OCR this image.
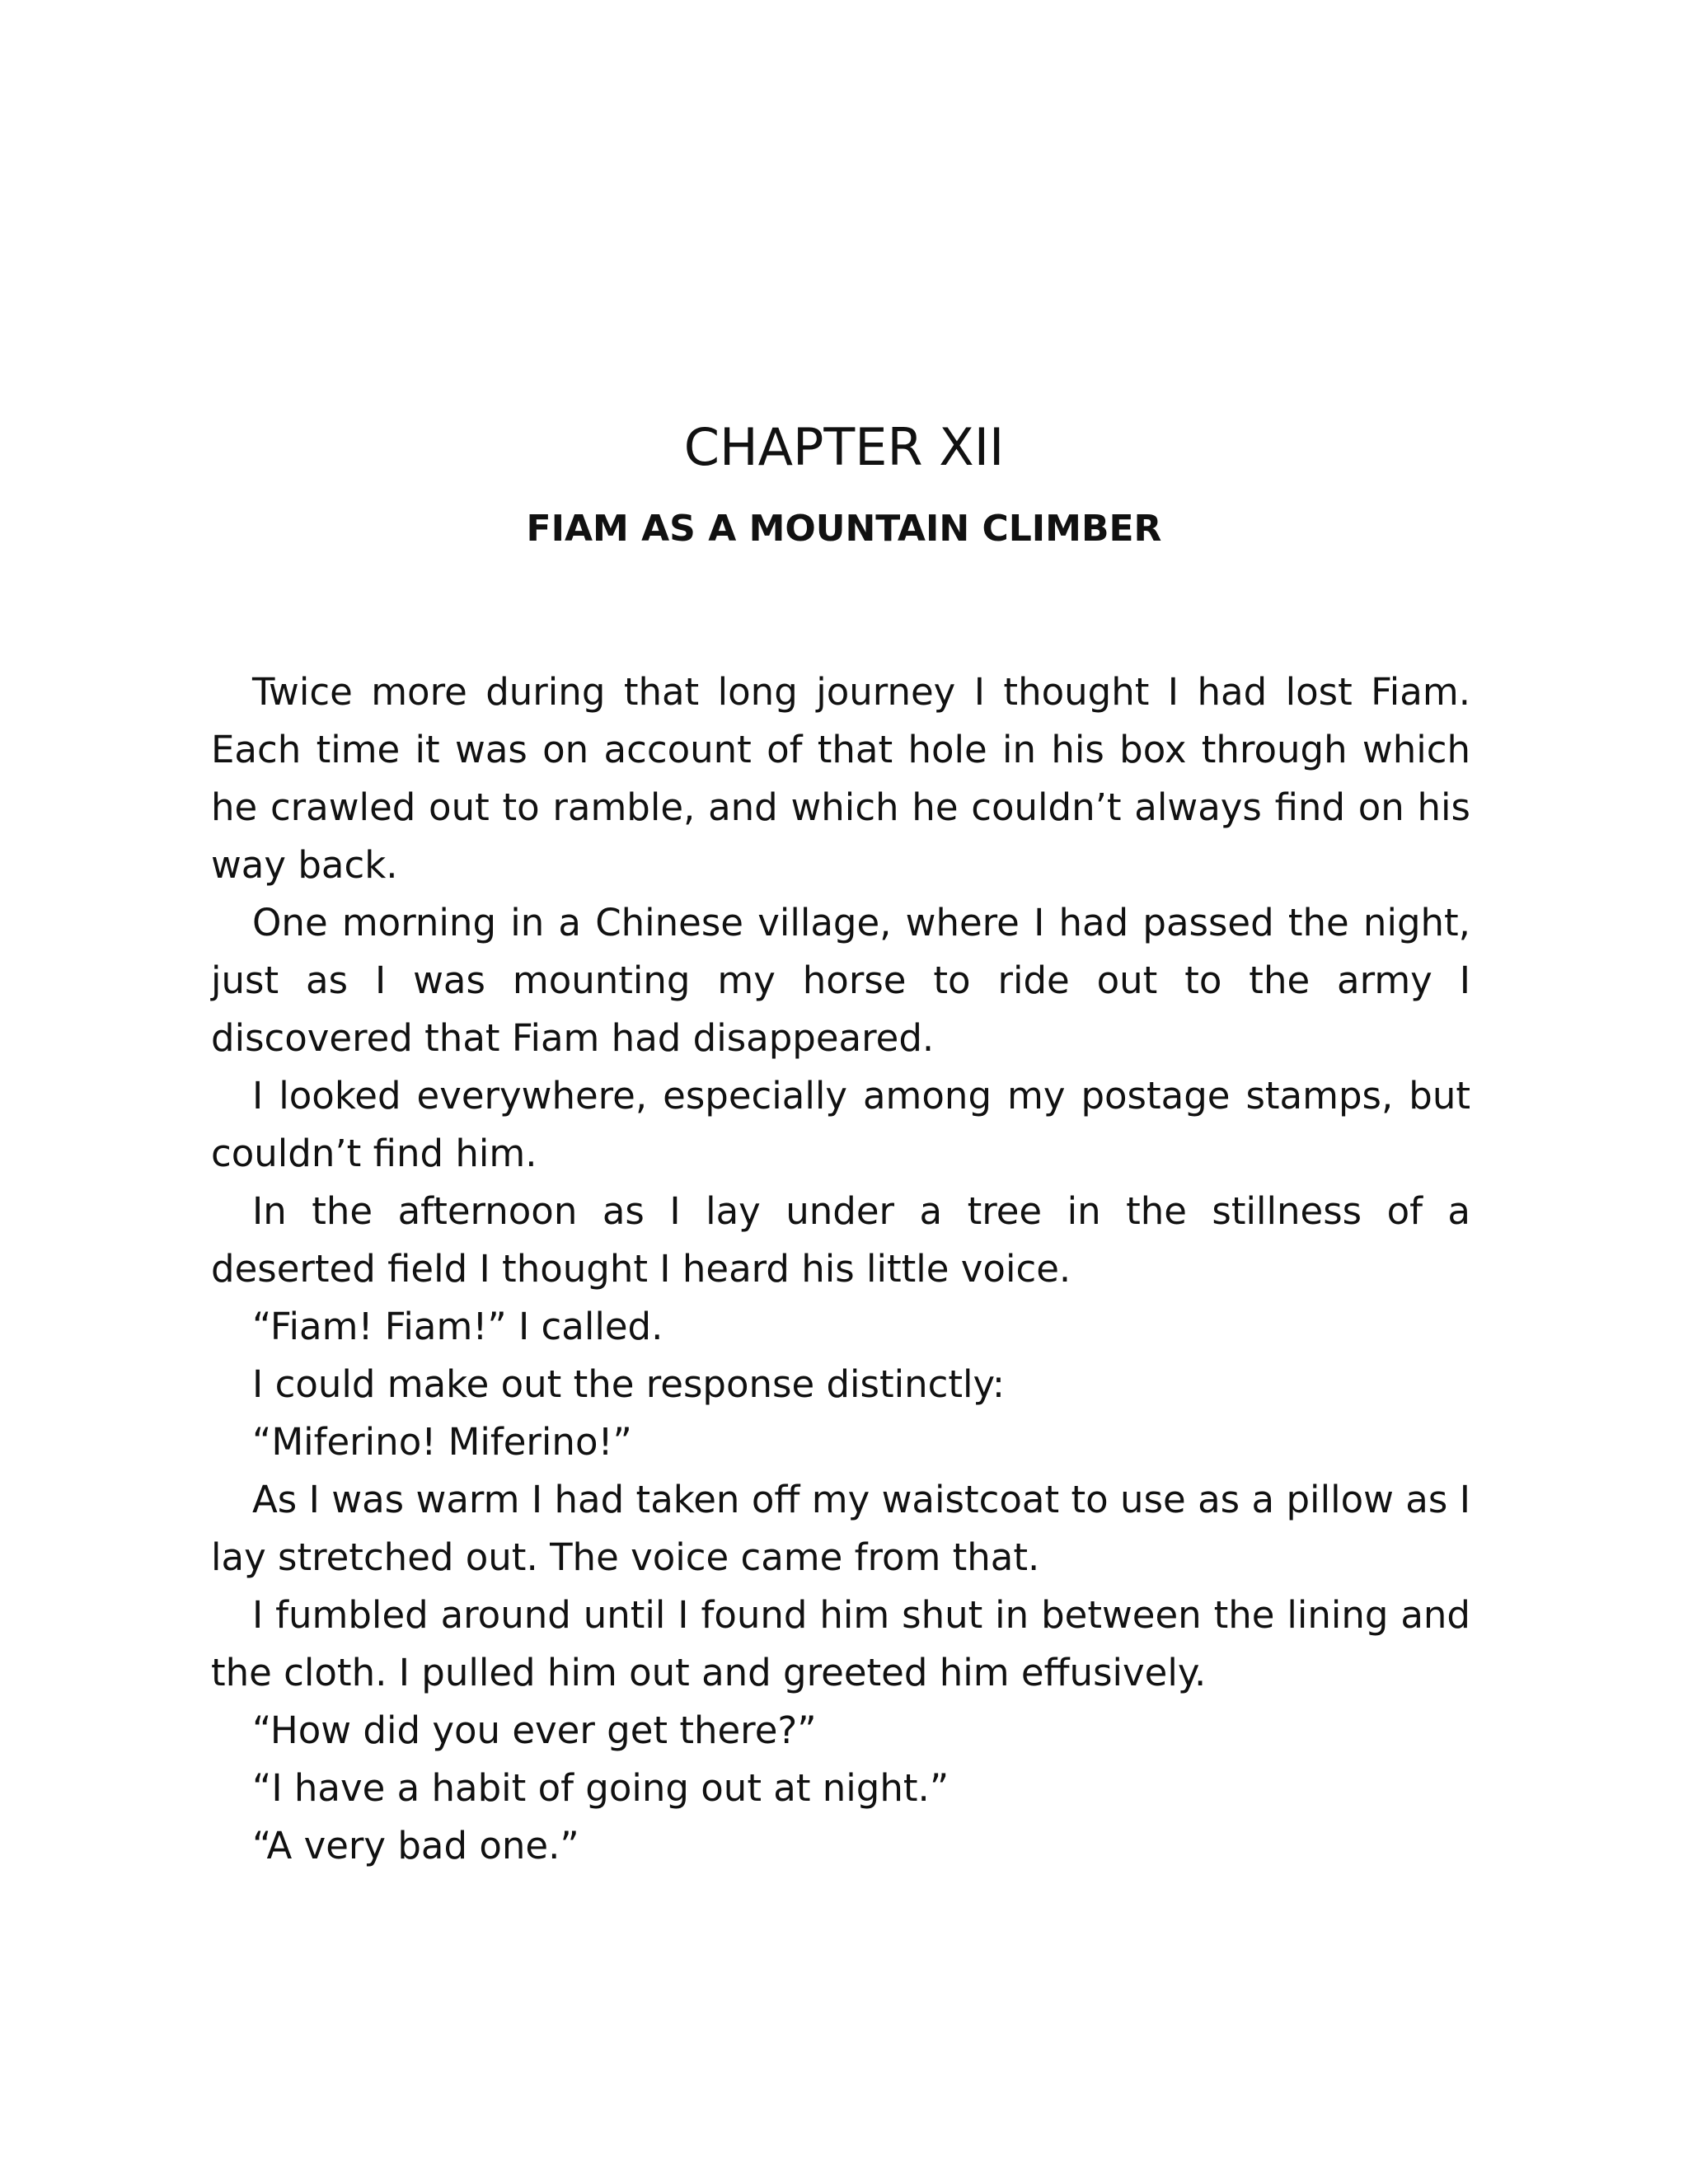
CHAPTER XII
FIAM AS A MOUNTAIN CLIMBER

Twice more during that long journey I thought I had lost Fiam. Each time it was on account of that hole in his box through which he crawled out to ramble, and which he couldn’t always find on his way back.

One morning in a Chinese village, where I had passed the night, just as I was mounting my horse to ride out to the army I discovered that Fiam had disappeared.

I looked everywhere, especially among my postage stamps, but couldn’t find him.

In the afternoon as I lay under a tree in the stillness of a deserted field I thought I heard his little voice.

“Fiam! Fiam!” I called.

I could make out the response distinctly:

“Miferino! Miferino!”

As I was warm I had taken off my waistcoat to use as a pillow as I lay stretched out. The voice came from that.

I fumbled around until I found him shut in between the lining and the cloth. I pulled him out and greeted him effusively.

“How did you ever get there?”

“I have a habit of going out at night.”

“A very bad one.”
